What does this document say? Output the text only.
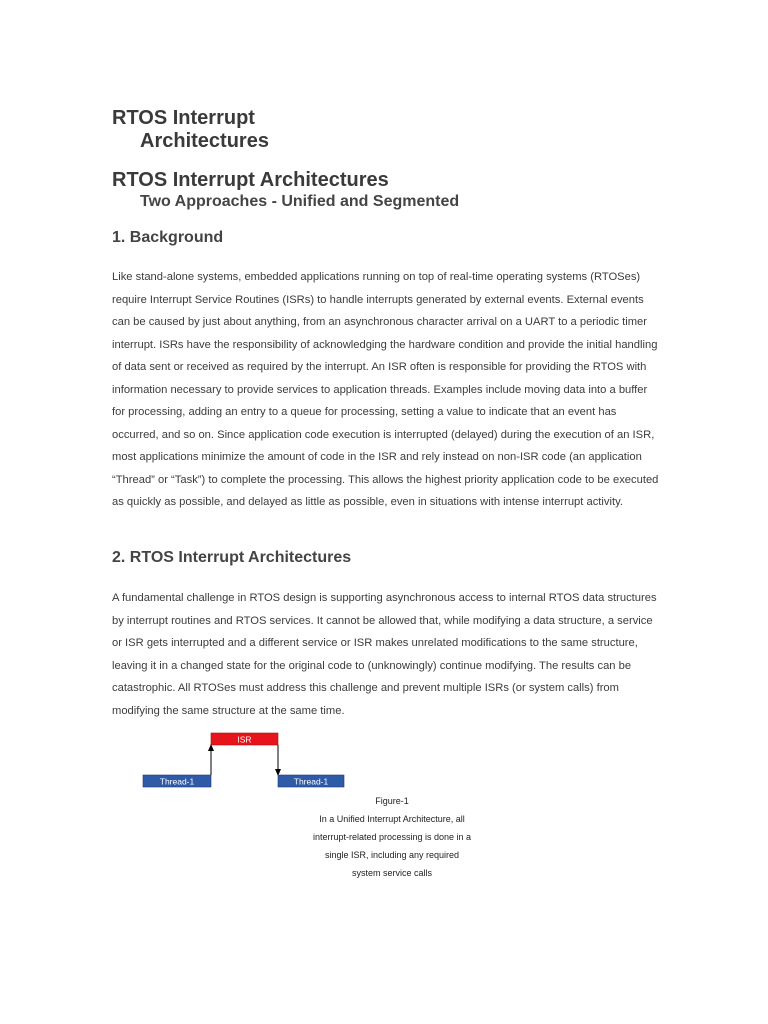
RTOS Interrupt
Architectures
RTOS Interrupt Architectures
Two Approaches - Unified and Segmented
1. Background

Like stand-alone systems, embedded applications running on top of real-time operating systems (RTOSes) require Interrupt Service Routines (ISRs) to handle interrupts generated by external events. External events can be caused by just about anything, from an asynchronous character arrival on a UART to a periodic timer interrupt. ISRs have the responsibility of acknowledging the hardware condition and provide the initial handling of data sent or received as required by the interrupt. An ISR often is responsible for providing the RTOS with information necessary to provide services to application threads. Examples include moving data into a buffer for processing, adding an entry to a queue for processing, setting a value to indicate that an event has occurred, and so on. Since application code execution is interrupted (delayed) during the execution of an ISR, most applications minimize the amount of code in the ISR and rely instead on non-ISR code (an application “Thread” or “Task”) to complete the processing. This allows the highest priority application code to be executed as quickly as possible, and delayed as little as possible, even in situations with intense interrupt activity.

2. RTOS Interrupt Architectures

A fundamental challenge in RTOS design is supporting asynchronous access to internal RTOS data structures by interrupt routines and RTOS services. It cannot be allowed that, while modifying a data structure, a service or ISR gets interrupted and a different service or ISR makes unrelated modifications to the same structure, leaving it in a changed state for the original code to (unknowingly) continue modifying. The results can be catastrophic. All RTOSes must address this challenge and prevent multiple ISRs (or system calls) from modifying the same structure at the same time.

Thread-1
ISR
Thread-1
Figure-1
In a Unified Interrupt Architecture, all
interrupt-related processing is done in a
single ISR, including any required
system service calls
